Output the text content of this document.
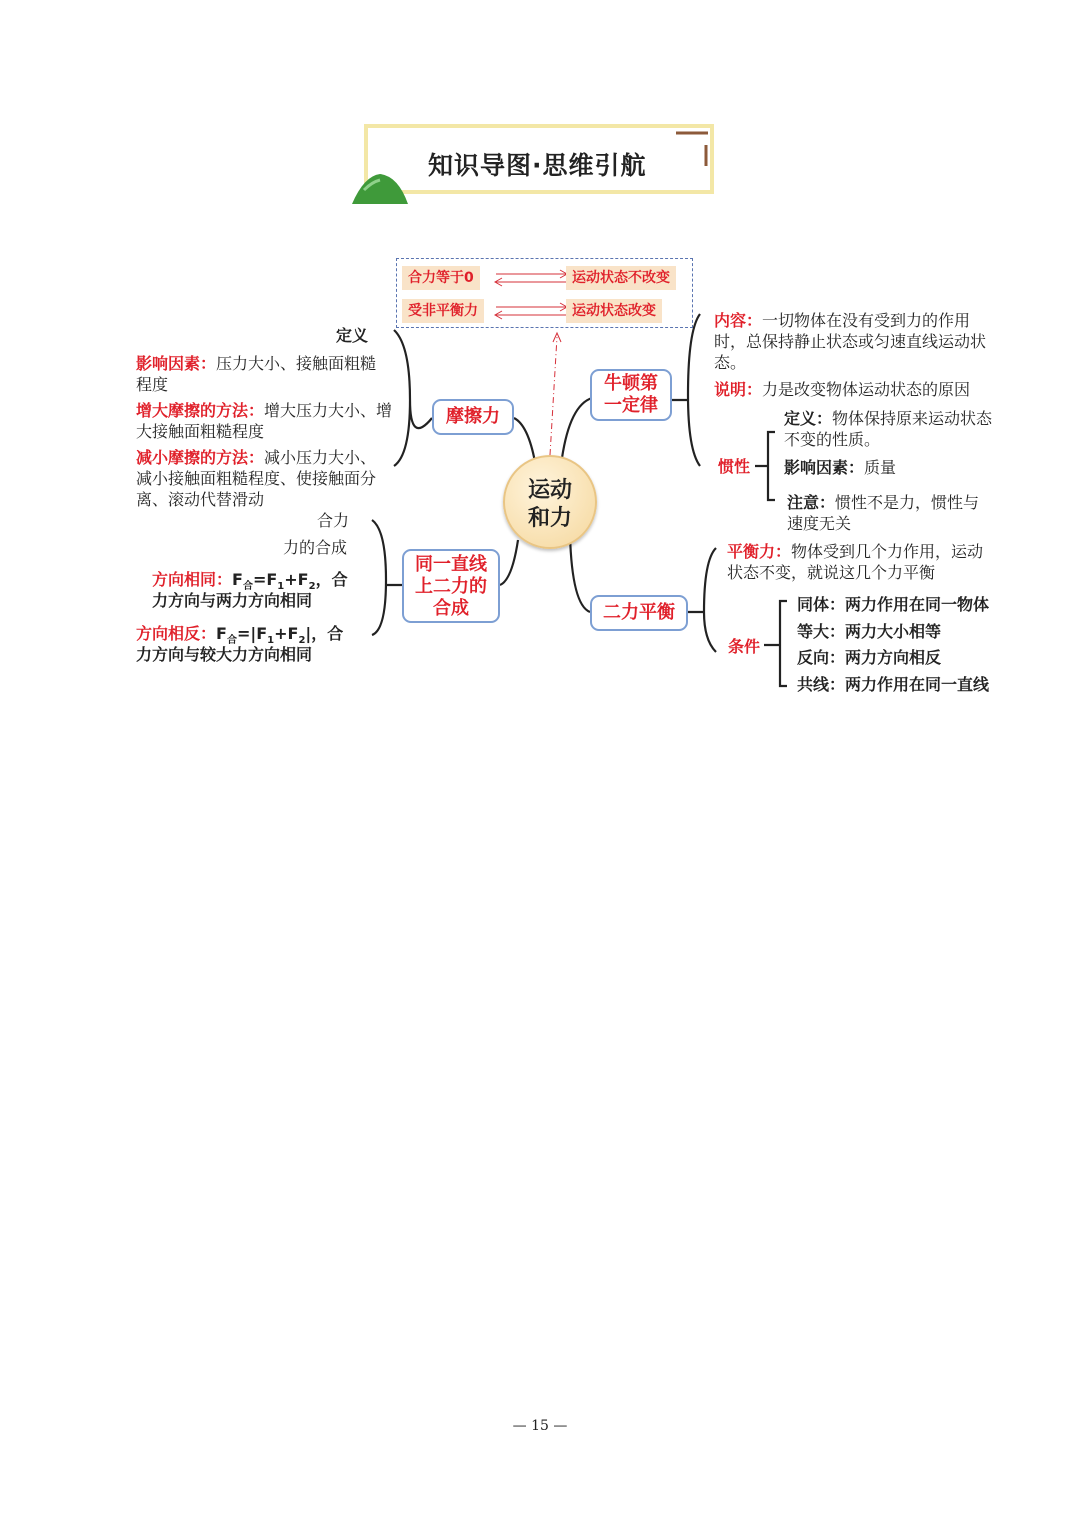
知识导图·思维引航
合力等于0	运动状态不改变
受非平衡力	运动状态改变
运动
和力
摩擦力
定义
影响因素：压力大小、接触面粗糙程度
增大摩擦的方法：增大压力大小、增大接触面粗糙程度
减小摩擦的方法：减小压力大小、减小接触面粗糙程度、使接触面分离、滚动代替滑动
同一直线
上二力的
合成
合力
力的合成
方向相同：$F_合=F_1+F_2$，合
力方向与两力方向相同
方向相反：$F_合=|F_1+F_2|$，合
力方向与较大力方向相同
牛顿第
一定律
内容：一切物体在没有受到力的作用时，总保持静止状态或匀速直线运动状态。
说明：力是改变物体运动状态的原因
惯性
定义：物体保持原来运动状态不变的性质。
影响因素：质量
注意：惯性不是力，惯性与速度无关
二力平衡
平衡力：物体受到几个力作用，运动状态不变，就说这几个力平衡
条件
同体：两力作用在同一物体
等大：两力大小相等
反向：两力方向相反
共线：两力作用在同一直线
— 15 —
